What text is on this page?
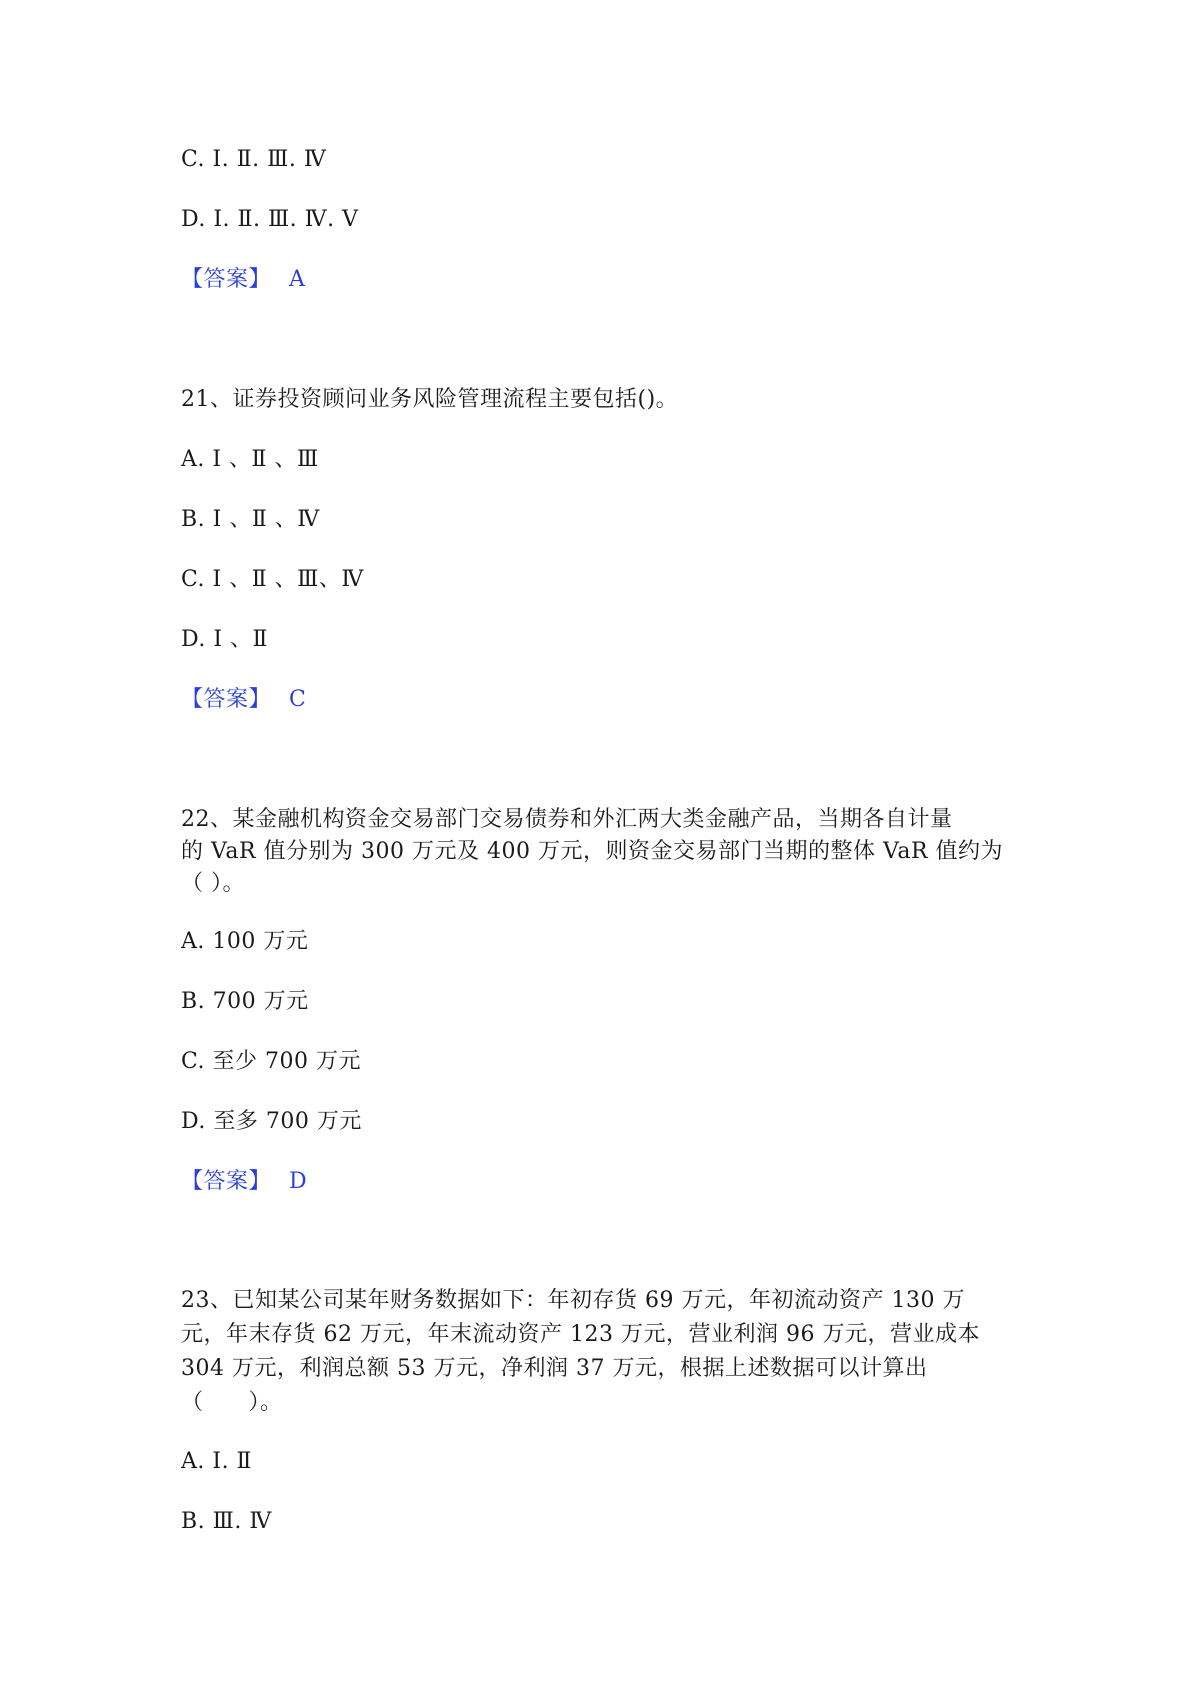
C. Ⅰ. Ⅱ. Ⅲ. Ⅳ
D. Ⅰ. Ⅱ. Ⅲ. Ⅳ. Ⅴ
【答案】 A
21、证券投资顾问业务风险管理流程主要包括()。
A. Ⅰ 、Ⅱ 、Ⅲ
B. Ⅰ 、Ⅱ 、Ⅳ
C. Ⅰ 、Ⅱ 、Ⅲ、Ⅳ
D. Ⅰ 、Ⅱ
【答案】 C
22、某金融机构资金交易部门交易债券和外汇两大类金融产品，当期各自计量
的 VaR 值分别为 300 万元及 400 万元，则资金交易部门当期的整体 VaR 值约为
（ ）。
A. 100 万元
B. 700 万元
C. 至少 700 万元
D. 至多 700 万元
【答案】 D
23、已知某公司某年财务数据如下：年初存货 69 万元，年初流动资产 130 万
元，年末存货 62 万元，年末流动资产 123 万元，营业利润 96 万元，营业成本
304 万元，利润总额 53 万元，净利润 37 万元，根据上述数据可以计算出
（　　）。
A. Ⅰ. Ⅱ
B. Ⅲ. Ⅳ
